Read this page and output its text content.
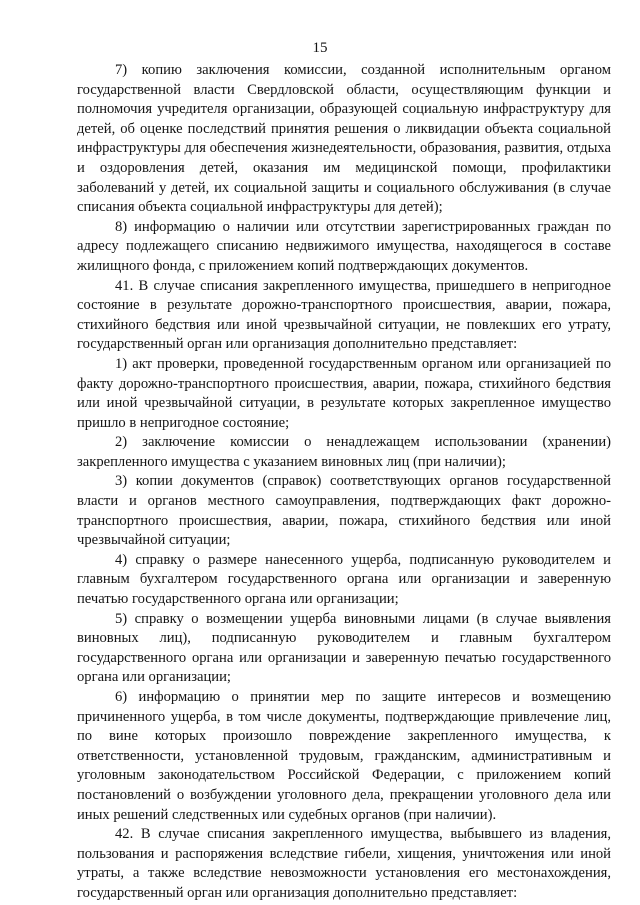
15

7) копию заключения комиссии, созданной исполнительным органом государственной власти Свердловской области, осуществляющим функции и полномочия учредителя организации, образующей социальную инфраструктуру для детей, об оценке последствий принятия решения о ликвидации объекта социальной инфраструктуры для обеспечения жизнедеятельности, образования, развития, отдыха и оздоровления детей, оказания им медицинской помощи, профилактики заболеваний у детей, их социальной защиты и социального обслуживания (в случае списания объекта социальной инфраструктуры для детей);

8) информацию о наличии или отсутствии зарегистрированных граждан по адресу подлежащего списанию недвижимого имущества, находящегося в составе жилищного фонда, с приложением копий подтверждающих документов.

41. В случае списания закрепленного имущества, пришедшего в непригодное состояние в результате дорожно-транспортного происшествия, аварии, пожара, стихийного бедствия или иной чрезвычайной ситуации, не повлекших его утрату, государственный орган или организация дополнительно представляет:

1) акт проверки, проведенной государственным органом или организацией по факту дорожно-транспортного происшествия, аварии, пожара, стихийного бедствия или иной чрезвычайной ситуации, в результате которых закрепленное имущество пришло в непригодное состояние;

2) заключение комиссии о ненадлежащем использовании (хранении) закрепленного имущества с указанием виновных лиц (при наличии);

3) копии документов (справок) соответствующих органов государственной власти и органов местного самоуправления, подтверждающих факт дорожно-транспортного происшествия, аварии, пожара, стихийного бедствия или иной чрезвычайной ситуации;

4) справку о размере нанесенного ущерба, подписанную руководителем и главным бухгалтером государственного органа или организации и заверенную печатью государственного органа или организации;

5) справку о возмещении ущерба виновными лицами (в случае выявления виновных лиц), подписанную руководителем и главным бухгалтером государственного органа или организации и заверенную печатью государственного органа или организации;

6) информацию о принятии мер по защите интересов и возмещению причиненного ущерба, в том числе документы, подтверждающие привлечение лиц, по вине которых произошло повреждение закрепленного имущества, к ответственности, установленной трудовым, гражданским, административным и уголовным законодательством Российской Федерации, с приложением копий постановлений о возбуждении уголовного дела, прекращении уголовного дела или иных решений следственных или судебных органов (при наличии).

42. В случае списания закрепленного имущества, выбывшего из владения, пользования и распоряжения вследствие гибели, хищения, уничтожения или иной утраты, а также вследствие невозможности установления его местонахождения, государственный орган или организация дополнительно представляет:
